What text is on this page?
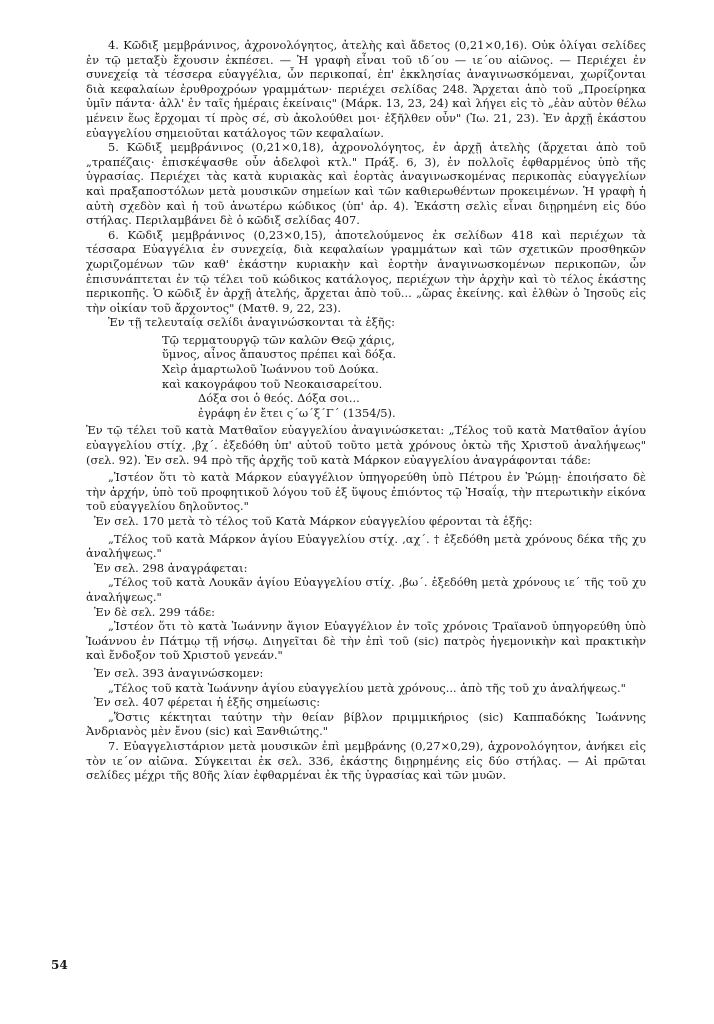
4. Κῶδιξ μεμβράνινος, ἀχρονολόγητος, ἀτελὴς καὶ ἄδετος (0,21×0,16). Οὐκ ὀλίγαι σελίδες ἐν τῷ μεταξὺ ἔχουσιν ἐκπέσει. — Ἡ γραφὴ εἶναι τοῦ ιδ΄ου — ιε΄ου αἰῶνος. — Περιέχει ἐν συνεχείᾳ τὰ τέσσερα εὐαγγέλια, ὧν περικοπαί, ἐπ' ἐκκλησίας ἀναγινωσκόμεναι, χωρίζονται διὰ κεφαλαίων ἐρυθροχρόων γραμμάτων· περιέχει σελίδας 248. Ἄρχεται ἀπὸ τοῦ „Προείρηκα ὑμῖν πάντα· ἀλλ' ἐν ταῖς ἡμέραις ἐκείναις" (Μάρκ. 13, 23, 24) καὶ λήγει εἰς τὸ „ἐὰν αὐτὸν θέλω μένειν ἕως ἔρχομαι τί πρὸς σέ, σὺ ἀκολούθει μοι· ἐξῆλθεν οὖν" (Ἰω. 21, 23). Ἐν ἀρχῇ ἑκάστου εὐαγγελίου σημειοῦται κατάλογος τῶν κεφαλαίων.

5. Κῶδιξ μεμβράνινος (0,21×0,18), ἀχρονολόγητος, ἐν ἀρχῇ ἀτελὴς (ἄρχεται ἀπὸ τοῦ „τραπέζαις· ἐπισκέψασθε οὖν ἀδελφοὶ κτλ." Πράξ. 6, 3), ἐν πολλοῖς ἐφθαρμένος ὑπὸ τῆς ὑγρασίας. Περιέχει τὰς κατὰ κυριακὰς καὶ ἑορτὰς ἀναγινωσκομένας περικοπὰς εὐαγγελίων καὶ πραξαποστόλων μετὰ μουσικῶν σημείων καὶ τῶν καθιερωθέντων προκειμένων. Ἡ γραφὴ ἡ αὐτὴ σχεδὸν καὶ ἡ τοῦ ἀνωτέρω κώδικος (ὑπ' ἀρ. 4). Ἑκάστη σελὶς εἶναι διῃρημένη εἰς δύο στήλας. Περιλαμβάνει δὲ ὁ κῶδιξ σελίδας 407.

6. Κῶδιξ μεμβράνινος (0,23×0,15), ἀποτελούμενος ἐκ σελίδων 418 καὶ περιέχων τὰ τέσσαρα Εὐαγγέλια ἐν συνεχείᾳ, διὰ κεφαλαίων γραμμάτων καὶ τῶν σχετικῶν προσθηκῶν χωριζομένων τῶν καθ' ἑκάστην κυριακὴν καὶ ἑορτὴν ἀναγινωσκομένων περικοπῶν, ὧν ἐπισυνάπτεται ἐν τῷ τέλει τοῦ κώδικος κατάλογος, περιέχων τὴν ἀρχὴν καὶ τὸ τέλος ἑκάστης περικοπῆς. Ὁ κῶδιξ ἐν ἀρχῇ ἀτελής, ἄρχεται ἀπὸ τοῦ... „ὥρας ἐκείνης. καὶ ἐλθὼν ὁ Ἰησοῦς εἰς τὴν οἰκίαν τοῦ ἄρχοντος" (Ματθ. 9, 22, 23).

Ἐν τῇ τελευταίᾳ σελίδι ἀναγινώσκονται τὰ ἑξῆς:

Τῷ τερματουργῷ τῶν καλῶν Θεῷ χάρις,

ὕμνος, αἶνος ἄπαυστος πρέπει καὶ δόξα.

Χεὶρ ἁμαρτωλοῦ Ἰωάννου τοῦ Δούκα.

καὶ κακογράφου τοῦ Νεοκαισαρείτου.

Δόξα σοι ὁ θεός. Δόξα σοι...

ἐγράφη ἐν ἔτει ς΄ω΄ξ΄Γ΄ (1354/5).

Ἐν τῷ τέλει τοῦ κατὰ Ματθαῖον εὐαγγελίου ἀναγινώσκεται: „Τέλος τοῦ κατὰ Ματθαῖον ἁγίου εὐαγγελίου στίχ. ‚βχ΄. ἐξεδόθη ὑπ' αὐτοῦ τοῦτο μετὰ χρόνους ὀκτὼ τῆς Χριστοῦ ἀναλήψεως" (σελ. 92). Ἐν σελ. 94 πρὸ τῆς ἀρχῆς τοῦ κατὰ Μάρκον εὐαγγελίου ἀναγράφονται τάδε:

„Ἰστέον ὅτι τὸ κατὰ Μάρκον εὐαγγέλιον ὑπηγορεύθη ὑπὸ Πέτρου ἐν Ῥώμῃ· ἐποιήσατο δὲ τὴν ἀρχήν, ὑπὸ τοῦ προφητικοῦ λόγου τοῦ ἐξ ὕψους ἐπιόντος τῷ Ἠσαΐᾳ, τὴν πτερωτικὴν εἰκόνα τοῦ εὐαγγελίου δηλοῦντος."

Ἐν σελ. 170 μετὰ τὸ τέλος τοῦ Κατὰ Μάρκον εὐαγγελίου φέρονται τὰ ἑξῆς:

„Τέλος τοῦ κατὰ Μάρκον ἁγίου Εὐαγγελίου στίχ. ‚αχ΄. † ἐξεδόθη μετὰ χρόνους δέκα τῆς χυ ἀναλήψεως."

Ἐν σελ. 298 ἀναγράφεται:

„Τέλος τοῦ κατὰ Λουκᾶν ἁγίου Εὐαγγελίου στίχ. ‚βω΄. ἐξεδόθη μετὰ χρόνους ιε΄ τῆς τοῦ χυ ἀναλήψεως."

Ἐν δὲ σελ. 299 τάδε:

„Ἰστέον ὅτι τὸ κατὰ Ἰωάννην ἅγιον Εὐαγγέλιον ἐν τοῖς χρόνοις Τραϊανοῦ ὑπηγορεύθη ὑπὸ Ἰωάννου ἐν Πάτμῳ τῇ νήσῳ. Διηγεῖται δὲ τὴν ἐπὶ τοῦ (sic) πατρὸς ἡγεμονικὴν καὶ πρακτικὴν καὶ ἔνδοξον τοῦ Χριστοῦ γενεάν."

Ἐν σελ. 393 ἀναγινώσκομεν:

„Τέλος τοῦ κατὰ Ἰωάννην ἁγίου εὐαγγελίου μετὰ χρόνους... ἀπὸ τῆς τοῦ χυ ἀναλήψεως."

Ἐν σελ. 407 φέρεται ἡ ἑξῆς σημείωσις:

„Ὅστις κέκτηται ταύτην τὴν θείαν βίβλον πριμμικήριος (sic) Καππαδόκης Ἰωάννης Ἀνδριανὸς μὲν ἔνου (sic) καὶ Ξανθιώτης."

7. Εὐαγγελιστάριον μετὰ μουσικῶν ἐπὶ μεμβράνης (0,27×0,29), ἀχρονολόγητον, ἀνήκει εἰς τὸν ιε΄ον αἰῶνα. Σύγκειται ἐκ σελ. 336, ἑκάστης διῃρημένης εἰς δύο στήλας. — Αἱ πρῶται σελίδες μέχρι τῆς 80ῆς λίαν ἐφθαρμέναι ἐκ τῆς ὑγρασίας καὶ τῶν μυῶν.

54
